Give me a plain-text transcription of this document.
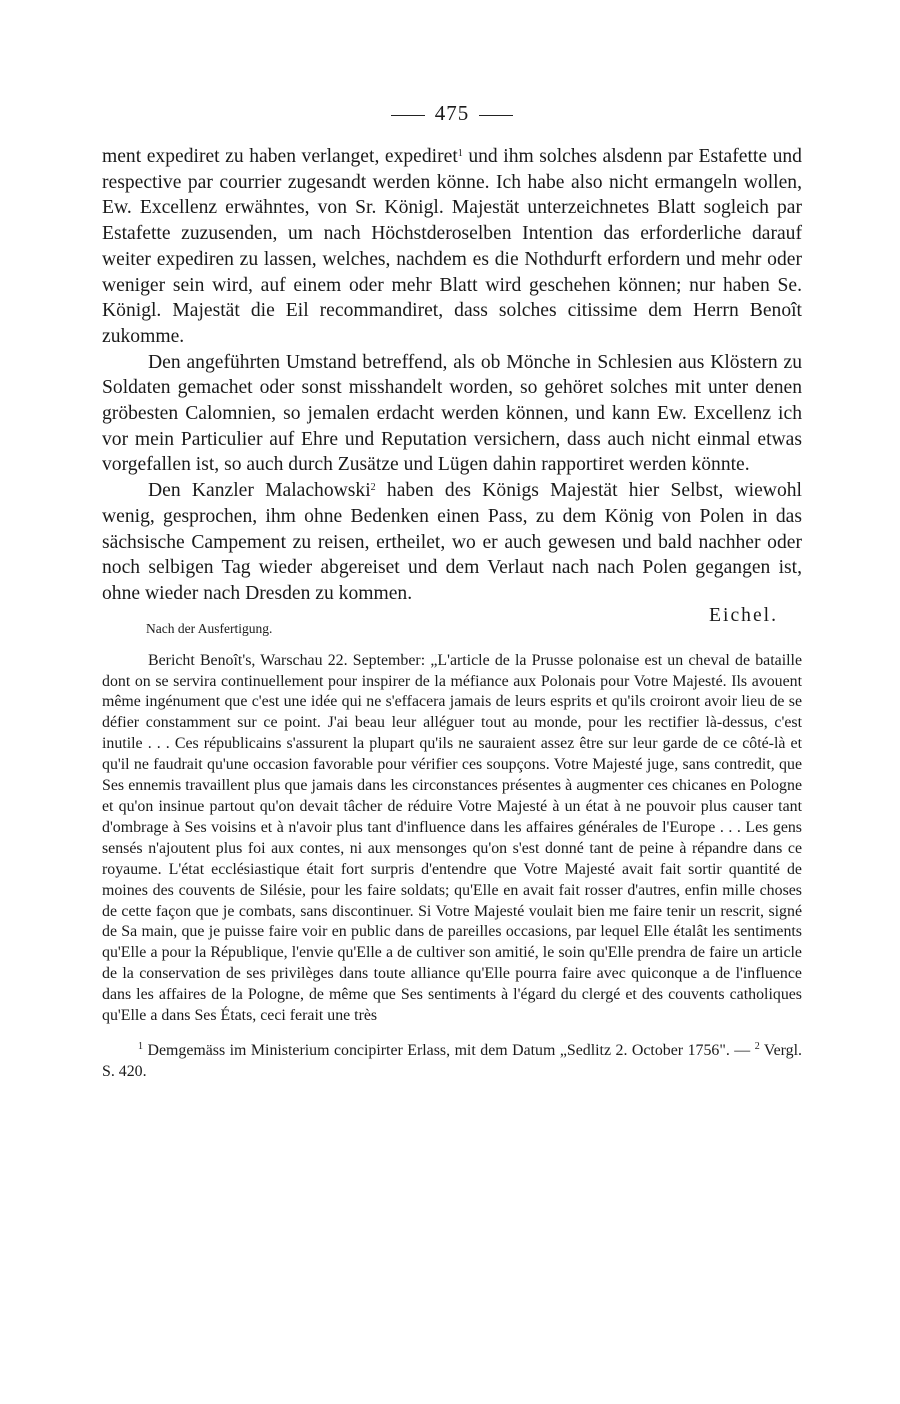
475

ment expediret zu haben verlanget, expediret$^1$ und ihm solches alsdenn par Estafette und respective par courrier zugesandt werden könne. Ich habe also nicht ermangeln wollen, Ew. Excellenz erwähntes, von Sr. Königl. Majestät unterzeichnetes Blatt sogleich par Estafette zuzusenden, um nach Höchstderoselben Intention das erforderliche darauf weiter expediren zu lassen, welches, nachdem es die Nothdurft erfordern und mehr oder weniger sein wird, auf einem oder mehr Blatt wird geschehen können; nur haben Se. Königl. Majestät die Eil recommandiret, dass solches citissime dem Herrn Benoît zukomme.

Den angeführten Umstand betreffend, als ob Mönche in Schlesien aus Klöstern zu Soldaten gemachet oder sonst misshandelt worden, so gehöret solches mit unter denen gröbesten Calomnien, so jemalen erdacht werden können, und kann Ew. Excellenz ich vor mein Particulier auf Ehre und Reputation versichern, dass auch nicht einmal etwas vorgefallen ist, so auch durch Zusätze und Lügen dahin rapportiret werden könnte.

Den Kanzler Malachowski$^2$ haben des Königs Majestät hier Selbst, wiewohl wenig, gesprochen, ihm ohne Bedenken einen Pass, zu dem König von Polen in das sächsische Campement zu reisen, ertheilet, wo er auch gewesen und bald nachher oder noch selbigen Tag wieder abgereiset und dem Verlaut nach nach Polen gegangen ist, ohne wieder nach Dresden zu kommen.

Eichel.
Nach der Ausfertigung.

Bericht Benoît's, Warschau 22. September: „L'article de la Prusse polonaise est un cheval de bataille dont on se servira continuellement pour inspirer de la méfiance aux Polonais pour Votre Majesté. Ils avouent même ingénument que c'est une idée qui ne s'effacera jamais de leurs esprits et qu'ils croiront avoir lieu de se défier constamment sur ce point. J'ai beau leur alléguer tout au monde, pour les rectifier là-dessus, c'est inutile . . . Ces républicains s'assurent la plupart qu'ils ne sauraient assez être sur leur garde de ce côté-là et qu'il ne faudrait qu'une occasion favorable pour vérifier ces soupçons. Votre Majesté juge, sans contredit, que Ses ennemis travaillent plus que jamais dans les circonstances présentes à augmenter ces chicanes en Pologne et qu'on insinue partout qu'on devait tâcher de réduire Votre Majesté à un état à ne pouvoir plus causer tant d'ombrage à Ses voisins et à n'avoir plus tant d'influence dans les affaires générales de l'Europe . . . Les gens sensés n'ajoutent plus foi aux contes, ni aux mensonges qu'on s'est donné tant de peine à répandre dans ce royaume. L'état ecclésiastique était fort surpris d'entendre que Votre Majesté avait fait sortir quantité de moines des couvents de Silésie, pour les faire soldats; qu'Elle en avait fait rosser d'autres, enfin mille choses de cette façon que je combats, sans discontinuer. Si Votre Majesté voulait bien me faire tenir un rescrit, signé de Sa main, que je puisse faire voir en public dans de pareilles occasions, par lequel Elle étalât les sentiments qu'Elle a pour la République, l'envie qu'Elle a de cultiver son amitié, le soin qu'Elle prendra de faire un article de la conservation de ses privilèges dans toute alliance qu'Elle pourra faire avec quiconque a de l'influence dans les affaires de la Pologne, de même que Ses sentiments à l'égard du clergé et des couvents catholiques qu'Elle a dans Ses États, ceci ferait une très

$^1$ Demgemäss im Ministerium concipirter Erlass, mit dem Datum „Sedlitz 2. October 1756". — $^2$ Vergl. S. 420.
